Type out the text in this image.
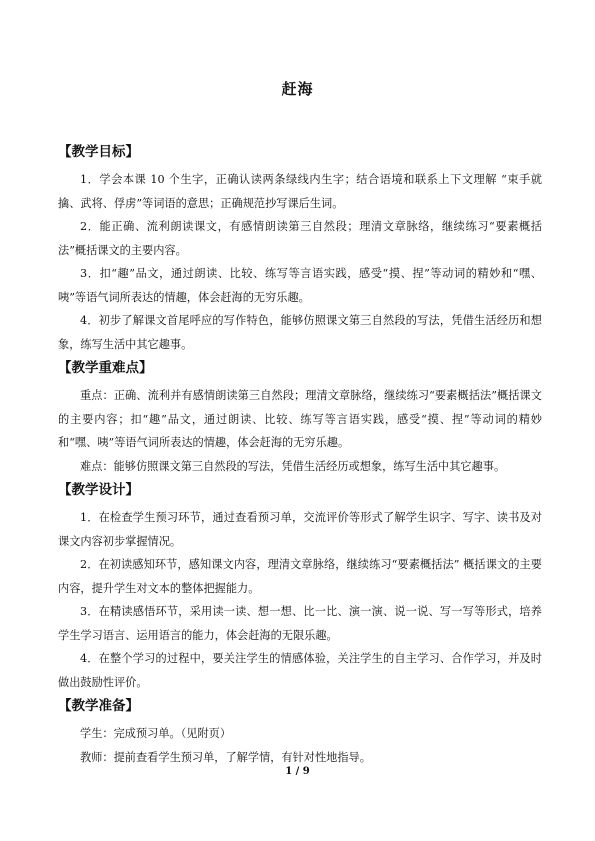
赶海
【教学目标】

1．学会本课 10 个生字，正确认读两条绿线内生字；结合语境和联系上下文理解 “束手就擒、武将、俘虏”等词语的意思；正确规范抄写课后生词。

2．能正确、流利朗读课文，有感情朗读第三自然段；理清文章脉络，继续练习“要素概括法”概括课文的主要内容。

3．扣“趣”品文，通过朗读、比较、练写等言语实践，感受“摸、捏”等动词的精妙和“嘿、咦”等语气词所表达的情趣，体会赶海的无穷乐趣。

4．初步了解课文首尾呼应的写作特色，能够仿照课文第三自然段的写法，凭借生活经历和想象，练写生活中其它趣事。

【教学重难点】

重点：正确、流利并有感情朗读第三自然段；理清文章脉络，继续练习“要素概括法”概括课文的主要内容；扣“趣”品文，通过朗读、比较、练写等言语实践，感受“摸、捏”等动词的精妙和“嘿、咦”等语气词所表达的情趣，体会赶海的无穷乐趣。

难点：能够仿照课文第三自然段的写法，凭借生活经历或想象，练写生活中其它趣事。

【教学设计】

1．在检查学生预习环节，通过查看预习单，交流评价等形式了解学生识字、写字、读书及对课文内容初步掌握情况。

2．在初读感知环节，感知课文内容，理清文章脉络，继续练习“要素概括法” 概括课文的主要内容，提升学生对文本的整体把握能力。

3．在精读感悟环节，采用读一读、想一想、比一比、演一演、说一说、写一写等形式，培养学生学习语言、运用语言的能力，体会赶海的无限乐趣。

4．在整个学习的过程中，要关注学生的情感体验，关注学生的自主学习、合作学习，并及时做出鼓励性评价。

【教学准备】

学生：完成预习单。（见附页）

教师：提前查看学生预习单，了解学情，有针对性地指导。

1 / 9
